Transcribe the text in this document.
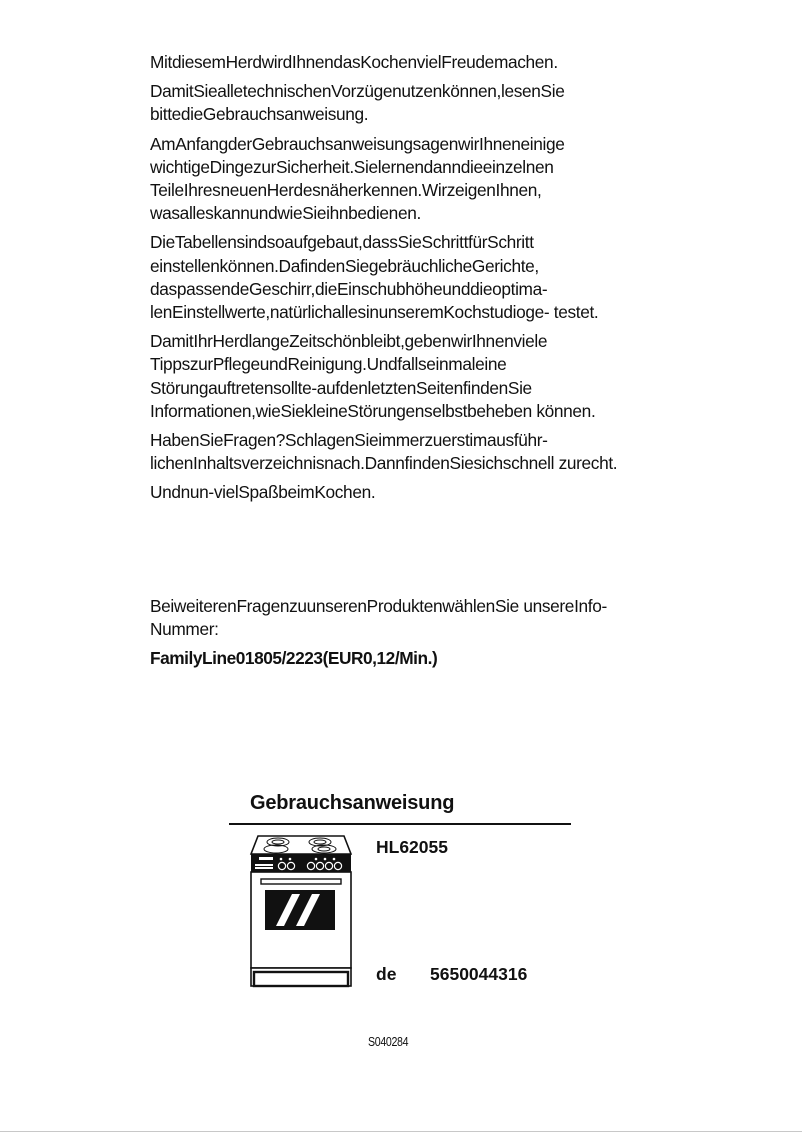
MitdiesemHerdwirdIhnendasKochenvielFreudemachen.

DamitSiealletechnischenVorzügenutzenkönnen,lesenSie bittedieGebrauchsanweisung.

AmAnfangderGebrauchsanweisungsagenwirIhneneinige wichtigeDingezurSicherheit.Sielernendanndieeinzelnen TeileIhresneuenHerdesnäherkennen.WirzeigenIhnen, wasalleskannundwieSieihnbedienen.

DieTabellensindsoaufgebaut,dassSieSchrittfürSchritt einstellenkönnen.DafindenSiegebräuchlicheGerichte, daspassendeGeschirr,dieEinschubhöheunddieoptima- lenEinstellwerte,natürlichallesinunseremKochstudioge- testet.

DamitIhrHerdlangeZeitschönbleibt,gebenwirIhnenviele TippszurPflegeundReinigung.Undfallseinmaleine Störungauftretensollte-aufdenletztenSeitenfindenSie Informationen,wieSiekleineStörungenselbstbeheben können.

HabenSieFragen?SchlagenSieimmerzuerstimausführ- lichenInhaltsverzeichnisnach.DannfindenSiesichschnell zurecht.

Undnun-vielSpaßbeimKochen.

BeiweiterenFragenzuunserenProduktenwählenSie unsereInfo-Nummer:

FamilyLine01805/2223(EUR0,12/Min.)

Gebrauchsanweisung
HL62055
de 5650044316
S040284
